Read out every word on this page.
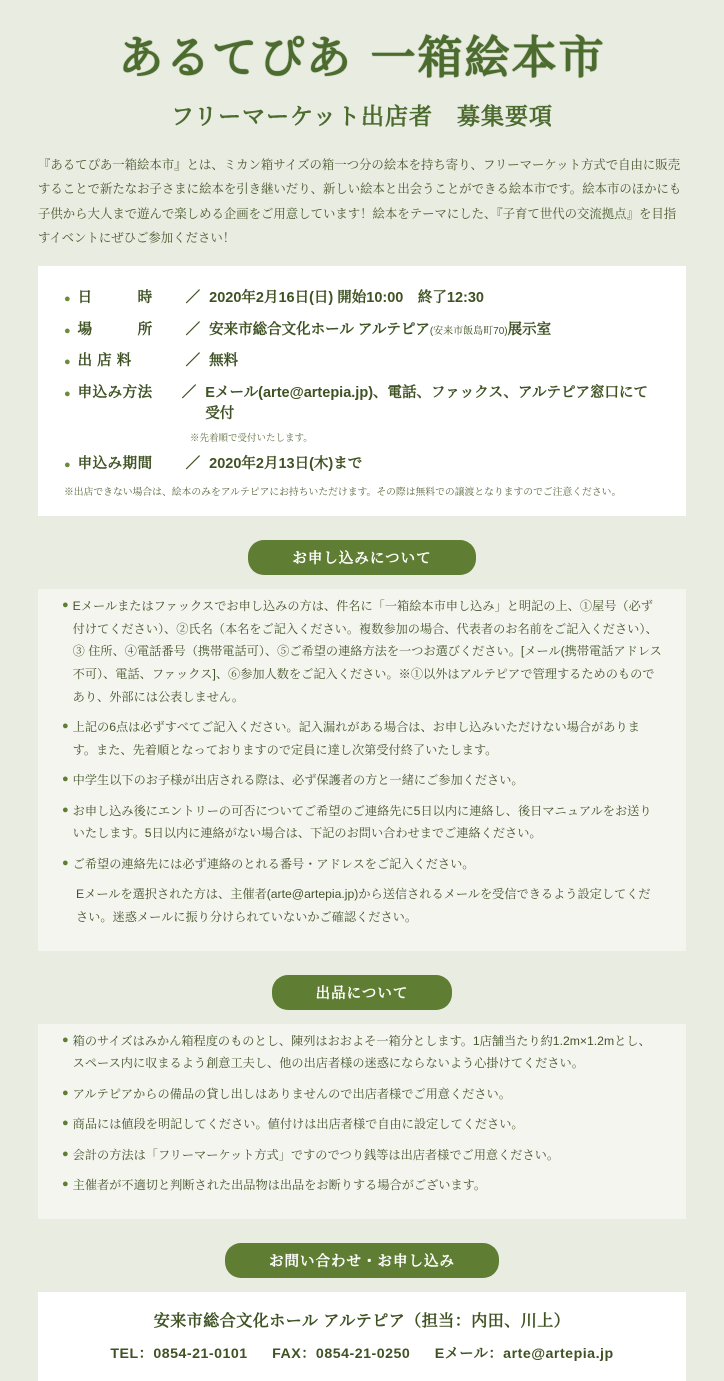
あるてぴあ 一箱絵本市
フリーマーケット出店者　募集要項
『あるてぴあ一箱絵本市』とは、ミカン箱サイズの箱一つ分の絵本を持ち寄り、フリーマーケット方式で自由に販売することで新たなお子さまに絵本を引き継いだり、新しい絵本と出会うことができる絵本市です。絵本市のほかにも子供から大人まで遊んで楽しめる企画をご用意しています！絵本をテーマにした、『子育て世代の交流拠点』を目指すイベントにぜひご参加ください！
● 日　　　時	／ 2020年2月16日(日) 開始10:00　終了12:30
● 場　　　所	／ 安来市総合文化ホール アルテピア (安来市飯島町70) 展示室
● 出 店 料	／ 無料
● 申込み方法	／ Eメール(arte@artepia.jp)、電話、ファックス、アルテピア窓口にて受付
※先着順で受付いたします。
● 申込み期間	／ 2020年2月13日(木)まで
※出店できない場合は、絵本のみをアルテピアにお持ちいただけます。その際は無料での譲渡となりますのでご注意ください。
お申し込みについて
● Eメールまたはファックスでお申し込みの方は、件名に「一箱絵本市申し込み」と明記の上、①屋号（必ず付けてください）、②氏名（本名をご記入ください。複数参加の場合、代表者のお名前をご記入ください）、③ 住所、④電話番号（携帯電話可）、⑤ご希望の連絡方法を一つお選びください。[メール(携帯電話アドレス不可）、電話、ファックス]、⑥参加人数をご記入ください。※①以外はアルテピアで管理するためのものであり、外部には公表しません。
● 上記の6点は必ずすべてご記入ください。記入漏れがある場合は、お申し込みいただけない場合があります。また、先着順となっておりますので定員に達し次第受付終了いたします。
● 中学生以下のお子様が出店される際は、必ず保護者の方と一緒にご参加ください。
● お申し込み後にエントリーの可否についてご希望のご連絡先に5日以内に連絡し、後日マニュアルをお送りいたします。5日以内に連絡がない場合は、下記のお問い合わせまでご連絡ください。
● ご希望の連絡先には必ず連絡のとれる番号・アドレスをご記入ください。
Eメールを選択された方は、主催者(arte@artepia.jp)から送信されるメールを受信できるよう設定してください。迷惑メールに振り分けられていないかご確認ください。
出品について
● 箱のサイズはみかん箱程度のものとし、陳列はおおよそ一箱分とします。1店舗当たり約1.2m×1.2mとし、スペース内に収まるよう創意工夫し、他の出店者様の迷惑にならないよう心掛けてください。
● アルテピアからの備品の貸し出しはありませんので出店者様でご用意ください。
● 商品には値段を明記してください。値付けは出店者様で自由に設定してください。
● 会計の方法は「フリーマーケット方式」ですのでつり銭等は出店者様でご用意ください。
● 主催者が不適切と判断された出品物は出品をお断りする場合がございます。
お問い合わせ・お申し込み
安来市総合文化ホール アルテピア（担当：内田、川上）
TEL：0854-21-0101 FAX：0854-21-0250 Eメール：arte@artepia.jp
